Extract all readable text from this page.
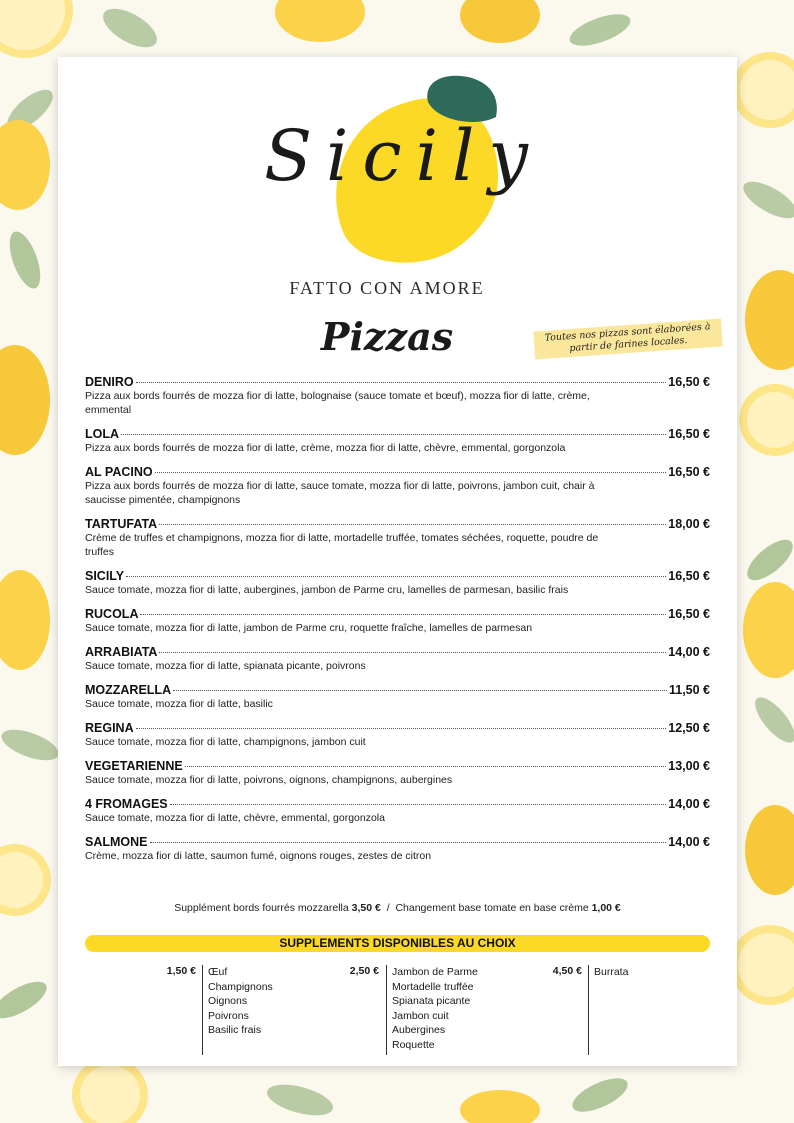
Sicily
FATTO CON AMORE
Pizzas	Toutes nos pizzas sont élaborées à partir de farines locales.
DENIRO	16,50 €
Pizza aux bords fourrés de mozza fior di latte, bolognaise (sauce tomate et bœuf), mozza fior di latte, crème, emmental
LOLA	16,50 €
Pizza aux bords fourrés de mozza fior di latte, crème, mozza fior di latte, chèvre, emmental, gorgonzola
AL PACINO	16,50 €
Pizza aux bords fourrés de mozza fior di latte, sauce tomate, mozza fior di latte, poivrons, jambon cuit, chair à saucisse pimentée, champignons
TARTUFATA	18,00 €
Crème de truffes et champignons, mozza fior di latte, mortadelle truffée, tomates séchées, roquette, poudre de truffes
SICILY	16,50 €
Sauce tomate, mozza fior di latte, aubergines, jambon de Parme cru, lamelles de parmesan, basilic frais
RUCOLA	16,50 €
Sauce tomate, mozza fior di latte, jambon de Parme cru, roquette fraîche, lamelles de parmesan
ARRABIATA	14,00 €
Sauce tomate, mozza fior di latte, spianata picante, poivrons
MOZZARELLA	11,50 €
Sauce tomate, mozza fior di latte, basilic
REGINA	12,50 €
Sauce tomate, mozza fior di latte, champignons, jambon cuit
VEGETARIENNE	13,00 €
Sauce tomate, mozza fior di latte, poivrons, oignons, champignons, aubergines
4 FROMAGES	14,00 €
Sauce tomate, mozza fior di latte, chèvre, emmental, gorgonzola
SALMONE	14,00 €
Crème, mozza fior di latte, saumon fumé, oignons rouges, zestes de citron
Supplément bords fourrés mozzarella 3,50 € / Changement base tomate en base crème 1,00 €
SUPPLEMENTS DISPONIBLES AU CHOIX
1,50 € Œuf
Champignons
Oignons
Poivrons
Basilic frais
2,50 € Jambon de Parme
Mortadelle truffée
Spianata picante
Jambon cuit
Aubergines
Roquette
4,50 € Burrata
